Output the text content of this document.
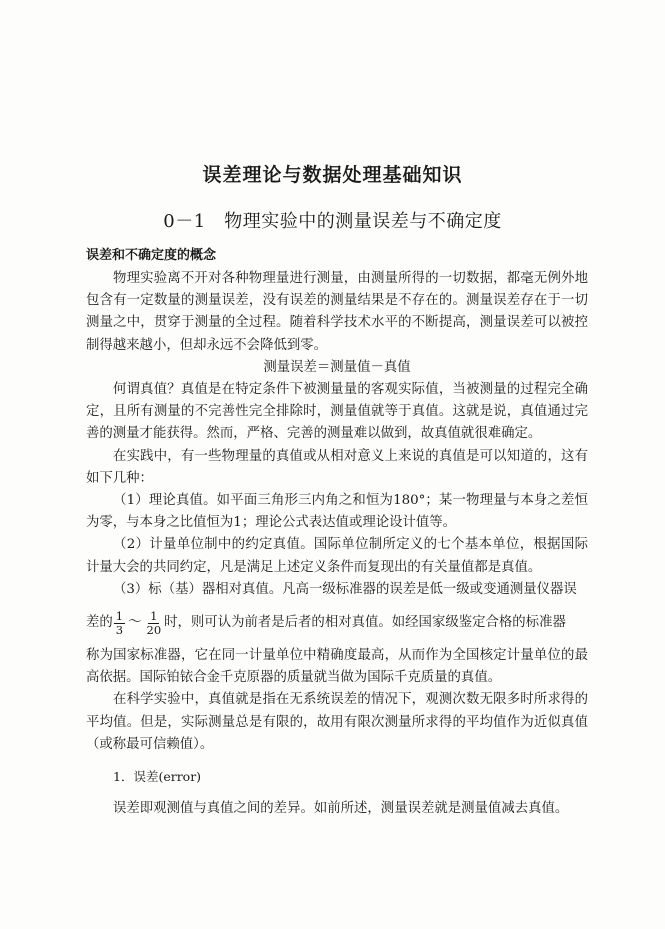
误差理论与数据处理基础知识
0－1　物理实验中的测量误差与不确定度
误差和不确定度的概念

物理实验离不开对各种物理量进行测量，由测量所得的一切数据，都毫无例外地包含有一定数量的测量误差，没有误差的测量结果是不存在的。测量误差存在于一切测量之中，贯穿于测量的全过程。随着科学技术水平的不断提高，测量误差可以被控制得越来越小，但却永远不会降低到零。

测量误差＝测量值－真值

何谓真值？真值是在特定条件下被测量量的客观实际值，当被测量的过程完全确定，且所有测量的不完善性完全排除时，测量值就等于真值。这就是说，真值通过完善的测量才能获得。然而，严格、完善的测量难以做到，故真值就很难确定。

在实践中，有一些物理量的真值或从相对意义上来说的真值是可以知道的，这有如下几种：

（1）理论真值。如平面三角形三内角之和恒为180°；某一物理量与本身之差恒为零，与本身之比值恒为1；理论公式表达值或理论设计值等。

（2）计量单位制中的约定真值。国际单位制所定义的七个基本单位，根据国际计量大会的共同约定，凡是满足上述定义条件而复现出的有关量值都是真值。

（3）标（基）器相对真值。凡高一级标准器的误差是低一级或变通测量仪器误

差的 $\frac{1}{3}$ ～ $\frac{1}{20}$ 时，则可认为前者是后者的相对真值。如经国家级鉴定合格的标准器

称为国家标准器，它在同一计量单位中精确度最高，从而作为全国核定计量单位的最高依据。国际铂铱合金千克原器的质量就当做为国际千克质量的真值。

在科学实验中，真值就是指在无系统误差的情况下，观测次数无限多时所求得的平均值。但是，实际测量总是有限的，故用有限次测量所求得的平均值作为近似真值（或称最可信赖值）。

1．误差(error)

误差即观测值与真值之间的差异。如前所述，测量误差就是测量值减去真值。
